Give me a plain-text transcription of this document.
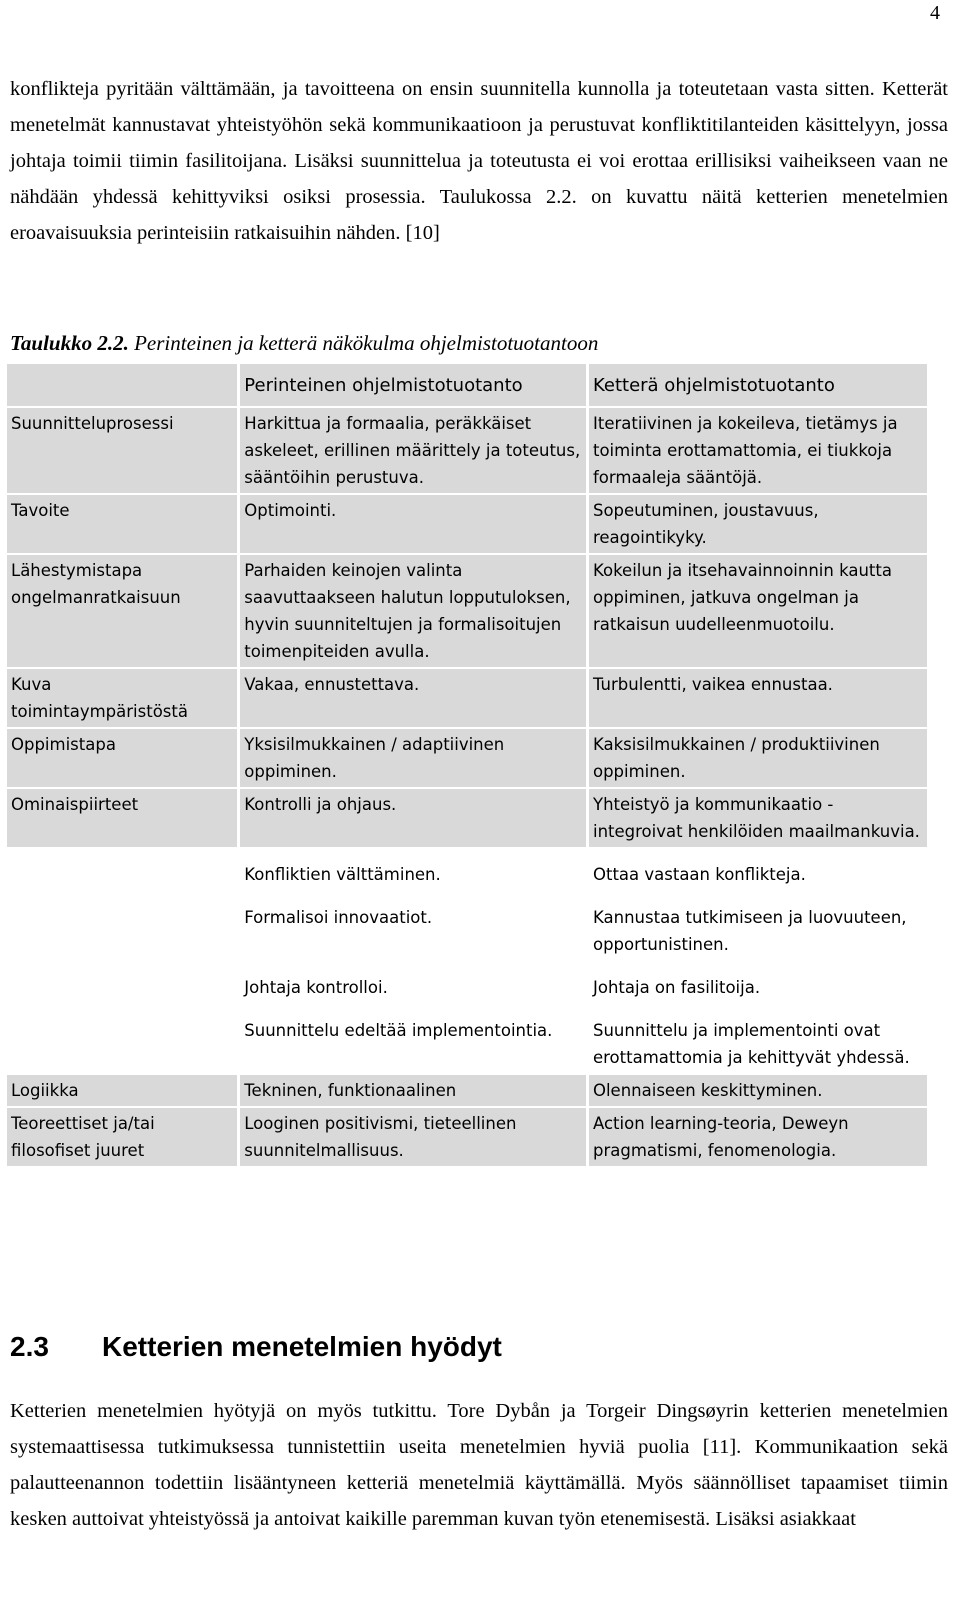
4

konflikteja pyritään välttämään, ja tavoitteena on ensin suunnitella kunnolla ja toteutetaan vasta sitten. Ketterät menetelmät kannustavat yhteistyöhön sekä kommunikaatioon ja perustuvat konfliktitilanteiden käsittelyyn, jossa johtaja toimii tiimin fasilitoijana. Lisäksi suunnittelua ja toteutusta ei voi erottaa erillisiksi vaiheikseen vaan ne nähdään yhdessä kehittyviksi osiksi prosessia. Taulukossa 2.2. on kuvattu näitä ketterien menetelmien eroavaisuuksia perinteisiin ratkaisuihin nähden. [10]

Taulukko 2.2. Perinteinen ja ketterä näkökulma ohjelmistotuotantoon
	Perinteinen ohjelmistotuotanto	Ketterä ohjelmistotuotanto
Suunnitteluprosessi	Harkittua ja formaalia, peräkkäiset askeleet, erillinen määrittely ja toteutus, sääntöihin perustuva.	Iteratiivinen ja kokeileva, tietämys ja toiminta erottamattomia, ei tiukkoja formaaleja sääntöjä.
Tavoite	Optimointi.	Sopeutuminen, joustavuus, reagointikyky.
Lähestymistapa ongelmanratkaisuun	Parhaiden keinojen valinta saavuttaakseen halutun lopputuloksen, hyvin suunniteltujen ja formalisoitujen toimenpiteiden avulla.	Kokeilun ja itsehavainnoinnin kautta oppiminen, jatkuva ongelman ja ratkaisun uudelleenmuotoilu.
Kuva toimintaympäristöstä	Vakaa, ennustettava.	Turbulentti, vaikea ennustaa.
Oppimistapa	Yksisilmukkainen / adaptiivinen oppiminen.	Kaksisilmukkainen / produktiivinen oppiminen.
Ominaispiirteet	Kontrolli ja ohjaus.	Yhteistyö ja kommunikaatio - integroivat henkilöiden maailmankuvia.
	Konfliktien välttäminen.	Ottaa vastaan konflikteja.
	Formalisoi innovaatiot.	Kannustaa tutkimiseen ja luovuuteen, opportunistinen.
	Johtaja kontrolloi.	Johtaja on fasilitoija.
	Suunnittelu edeltää implementointia.	Suunnittelu ja implementointi ovat erottamattomia ja kehittyvät yhdessä.
Logiikka	Tekninen, funktionaalinen	Olennaiseen keskittyminen.
Teoreettiset ja/tai filosofiset juuret	Looginen positivismi, tieteellinen suunnitelmallisuus.	Action learning-teoria, Deweyn pragmatismi, fenomenologia.
2.3 Ketterien menetelmien hyödyt

Ketterien menetelmien hyötyjä on myös tutkittu. Tore Dybån ja Torgeir Dingsøyrin ketterien menetelmien systemaattisessa tutkimuksessa tunnistettiin useita menetelmien hyviä puolia [11]. Kommunikaation sekä palautteenannon todettiin lisääntyneen ketteriä menetelmiä käyttämällä. Myös säännölliset tapaamiset tiimin kesken auttoivat yhteistyössä ja antoivat kaikille paremman kuvan työn etenemisestä. Lisäksi asiakkaat
